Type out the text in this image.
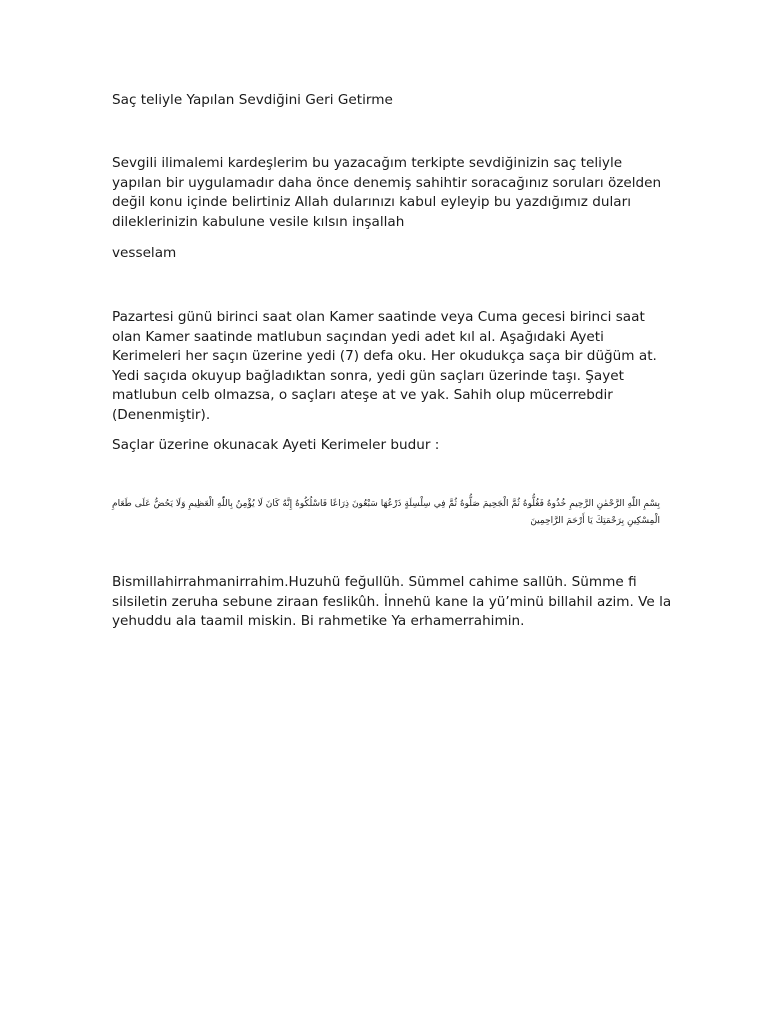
Saç teliyle Yapılan Sevdiğini Geri Getirme

Sevgili ilimalemi kardeşlerim bu yazacağım terkipte sevdiğinizin saç teliyle yapılan bir uygulamadır daha önce denemiş sahihtir soracağınız soruları özelden değil konu içinde belirtiniz Allah dularınızı kabul eyleyip bu yazdığımız duları dileklerinizin kabulune vesile kılsın inşallah

vesselam

Pazartesi günü birinci saat olan Kamer saatinde veya Cuma gecesi birinci saat olan Kamer saatinde matlubun saçından yedi adet kıl al. Aşağıdaki Ayeti Kerimeleri her saçın üzerine yedi (7) defa oku. Her okudukça saça bir düğüm at. Yedi saçıda okuyup bağladıktan sonra, yedi gün saçları üzerinde taşı. Şayet matlubun celb olmazsa, o saçları ateşe at ve yak. Sahih olup mücerrebdir (Denenmiştir).

Saçlar üzerine okunacak Ayeti Kerimeler budur :

بِسْمِ اللّٰهِ الرَّحْمٰنِ الرَّحِيمِ خُذُوهُ فَغُلُّوهُ ثُمَّ الْجَحِيمَ صَلُّوهُ ثُمَّ فِي سِلْسِلَةٍ ذَرْعُهَا سَبْعُونَ ذِرَاعًا فَاسْلُكُوهُ إِنَّهُ كَانَ لَا يُؤْمِنُ بِاللّٰهِ الْعَظِيمِ وَلَا يَحُضُّ عَلَى طَعَامِ الْمِسْكِينِ بِرَحْمَتِكَ يَا أَرْحَمَ الرَّاحِمِينَ

Bismillahirrahmanirrahim.Huzuhü feğullüh. Sümmel cahime sallüh. Sümme fi silsiletin zeruha sebune ziraan feslikûh. İnnehü kane la yü’minü billahil azim. Ve la yehuddu ala taamil miskin. Bi rahmetike Ya erhamerrahimin.
